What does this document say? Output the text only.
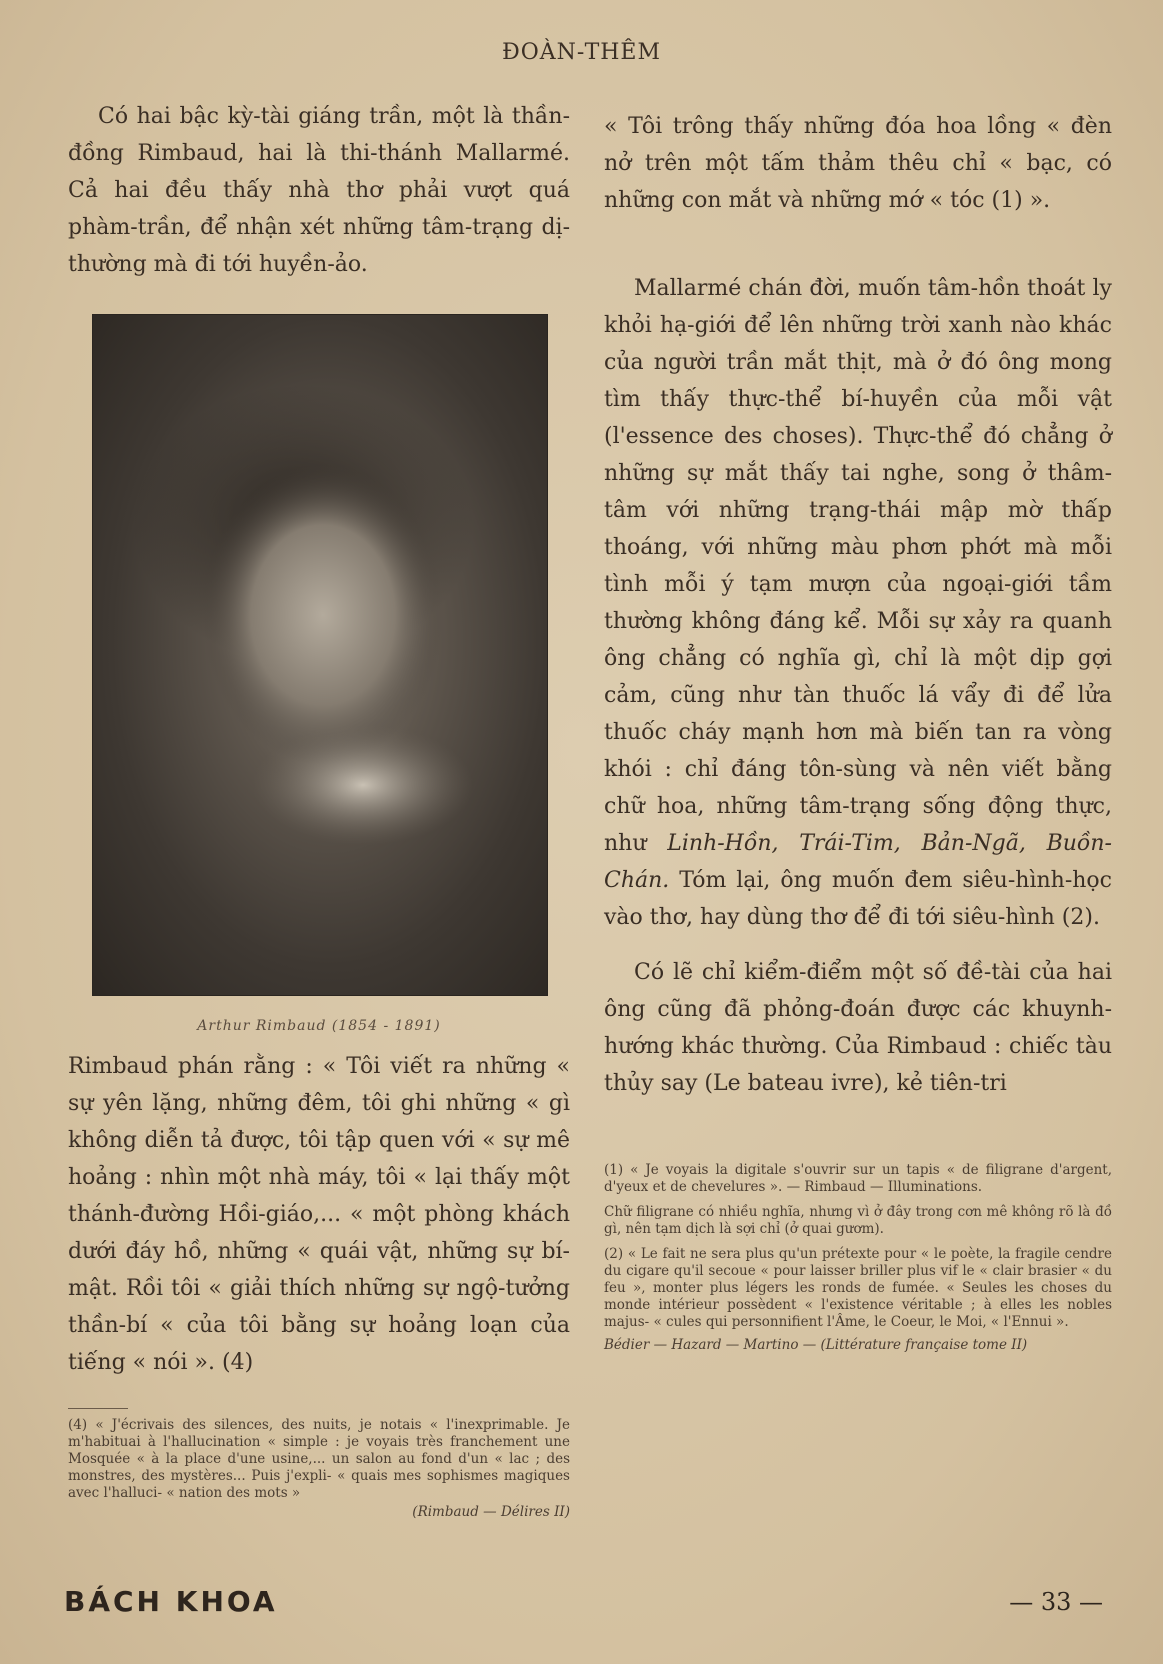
ĐOÀN-THÊM

Có hai bậc kỳ-tài giáng trần, một là thần-đồng Rimbaud, hai là thi-thánh Mallarmé. Cả hai đều thấy nhà thơ phải vượt quá phàm-trần, để nhận xét những tâm-trạng dị-thường mà đi tới huyền-ảo.

Arthur Rimbaud (1854 - 1891)

Rimbaud phán rằng : « Tôi viết ra những « sự yên lặng, những đêm, tôi ghi những « gì không diễn tả được, tôi tập quen với « sự mê hoảng : nhìn một nhà máy, tôi « lại thấy một thánh-đường Hồi-giáo,... « một phòng khách dưới đáy hồ, những « quái vật, những sự bí-mật. Rồi tôi « giải thích những sự ngộ-tưởng thần-bí « của tôi bằng sự hoảng loạn của tiếng « nói ». (4)

(4) « J'écrivais des silences, des nuits, je notais « l'inexprimable. Je m'habituai à l'hallucination « simple : je voyais très franchement une Mosquée « à la place d'une usine,... un salon au fond d'un « lac ; des monstres, des mystères... Puis j'expli- « quais mes sophismes magiques avec l'halluci- « nation des mots »

(Rimbaud — Délires II)

« Tôi trông thấy những đóa hoa lồng « đèn nở trên một tấm thảm thêu chỉ « bạc, có những con mắt và những mớ « tóc (1) ».

Mallarmé chán đời, muốn tâm-hồn thoát ly khỏi hạ-giới để lên những trời xanh nào khác của người trần mắt thịt, mà ở đó ông mong tìm thấy thực-thể bí-huyền của mỗi vật (l'essence des choses). Thực-thể đó chẳng ở những sự mắt thấy tai nghe, song ở thâm-tâm với những trạng-thái mập mờ thấp thoáng, với những màu phơn phớt mà mỗi tình mỗi ý tạm mượn của ngoại-giới tầm thường không đáng kể. Mỗi sự xảy ra quanh ông chẳng có nghĩa gì, chỉ là một dịp gợi cảm, cũng như tàn thuốc lá vẩy đi để lửa thuốc cháy mạnh hơn mà biến tan ra vòng khói : chỉ đáng tôn-sùng và nên viết bằng chữ hoa, những tâm-trạng sống động thực, như Linh-Hồn, Trái-Tim, Bản-Ngã, Buồn-Chán. Tóm lại, ông muốn đem siêu-hình-học vào thơ, hay dùng thơ để đi tới siêu-hình (2).

Có lẽ chỉ kiểm-điểm một số đề-tài của hai ông cũng đã phỏng-đoán được các khuynh-hướng khác thường. Của Rimbaud : chiếc tàu thủy say (Le bateau ivre), kẻ tiên-tri

(1) « Je voyais la digitale s'ouvrir sur un tapis « de filigrane d'argent, d'yeux et de chevelures ». — Rimbaud — Illuminations.

Chữ filigrane có nhiều nghĩa, nhưng vì ở đây trong cơn mê không rõ là đồ gì, nên tạm dịch là sợi chỉ (ở quai gươm).

(2) « Le fait ne sera plus qu'un prétexte pour « le poète, la fragile cendre du cigare qu'il secoue « pour laisser briller plus vif le « clair brasier « du feu », monter plus légers les ronds de fumée. « Seules les choses du monde intérieur possèdent « l'existence véritable ; à elles les nobles majus- « cules qui personnifient l'Âme, le Coeur, le Moi, « l'Ennui ».

Bédier — Hazard — Martino — (Littérature française tome II)

BÁCH KHOA	— 33 —
